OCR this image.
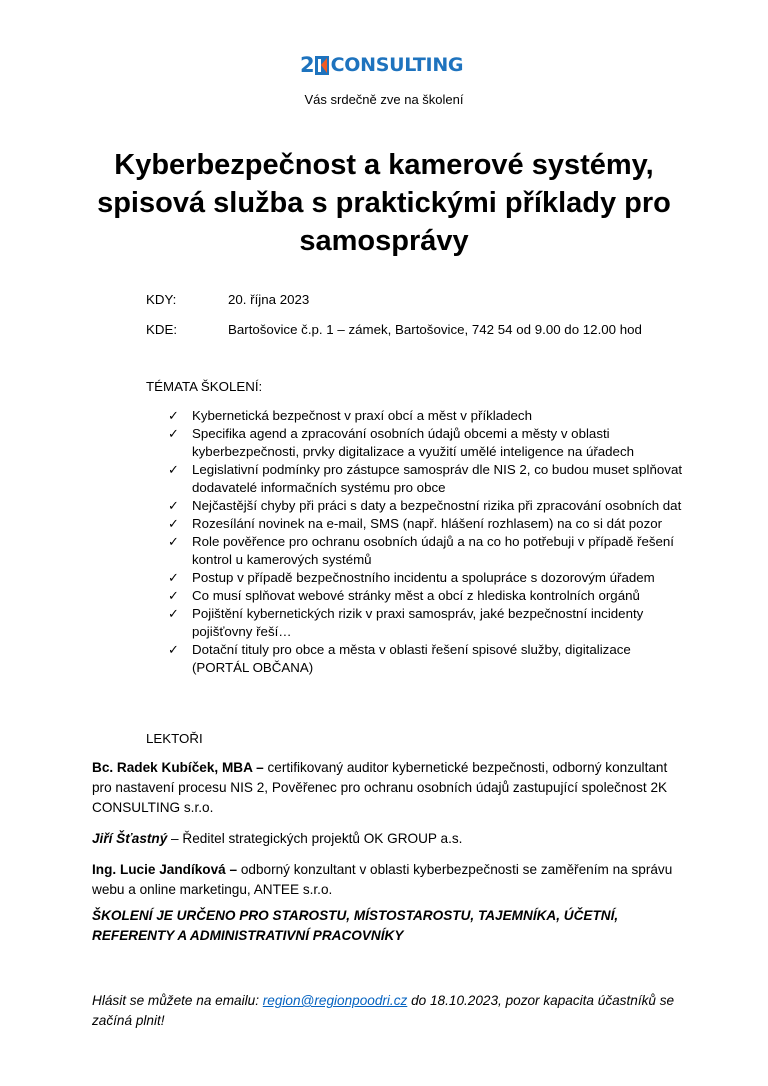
2 CONSULTING
Vás srdečně zve na školení
Kyberbezpečnost a kamerové systémy,
spisová služba s praktickými příklady pro
samosprávy
KDY:	20. října 2023
KDE:	Bartošovice č.p. 1 – zámek, Bartošovice, 742 54 od 9.00 do 12.00 hod
TÉMATA ŠKOLENÍ:
✓ Kybernetická bezpečnost v praxí obcí a měst v příkladech
✓ Specifika agend a zpracování osobních údajů obcemi a městy v oblasti kyberbezpečnosti, prvky digitalizace a využití umělé inteligence na úřadech
✓ Legislativní podmínky pro zástupce samospráv dle NIS 2, co budou muset splňovat dodavatelé informačních systému pro obce
✓ Nejčastější chyby při práci s daty a bezpečnostní rizika při zpracování osobních dat
✓ Rozesílání novinek na e-mail, SMS (např. hlášení rozhlasem) na co si dát pozor
✓ Role pověřence pro ochranu osobních údajů a na co ho potřebuji v případě řešení kontrol u kamerových systémů
✓ Postup v případě bezpečnostního incidentu a spolupráce s dozorovým úřadem
✓ Co musí splňovat webové stránky měst a obcí z hlediska kontrolních orgánů
✓ Pojištění kybernetických rizik v praxi samospráv, jaké bezpečnostní incidenty pojišťovny řeší…
✓ Dotační tituly pro obce a města v oblasti řešení spisové služby, digitalizace (PORTÁL OBČANA)
LEKTOŘI
Bc. Radek Kubíček, MBA – certifikovaný auditor kybernetické bezpečnosti, odborný konzultant pro nastavení procesu NIS 2, Pověřenec pro ochranu osobních údajů zastupující společnost 2K CONSULTING s.r.o.
Jiří Šťastný – Ředitel strategických projektů OK GROUP a.s.
Ing. Lucie Jandíková – odborný konzultant v oblasti kyberbezpečnosti se zaměřením na správu webu a online marketingu, ANTEE s.r.o.
ŠKOLENÍ JE URČENO PRO STAROSTU, MÍSTOSTAROSTU, TAJEMNÍKA, ÚČETNÍ, REFERENTY A ADMINISTRATIVNÍ PRACOVNÍKY
Hlásit se můžete na emailu: region@regionpoodri.cz do 18.10.2023, pozor kapacita účastníků se začíná plnit!
